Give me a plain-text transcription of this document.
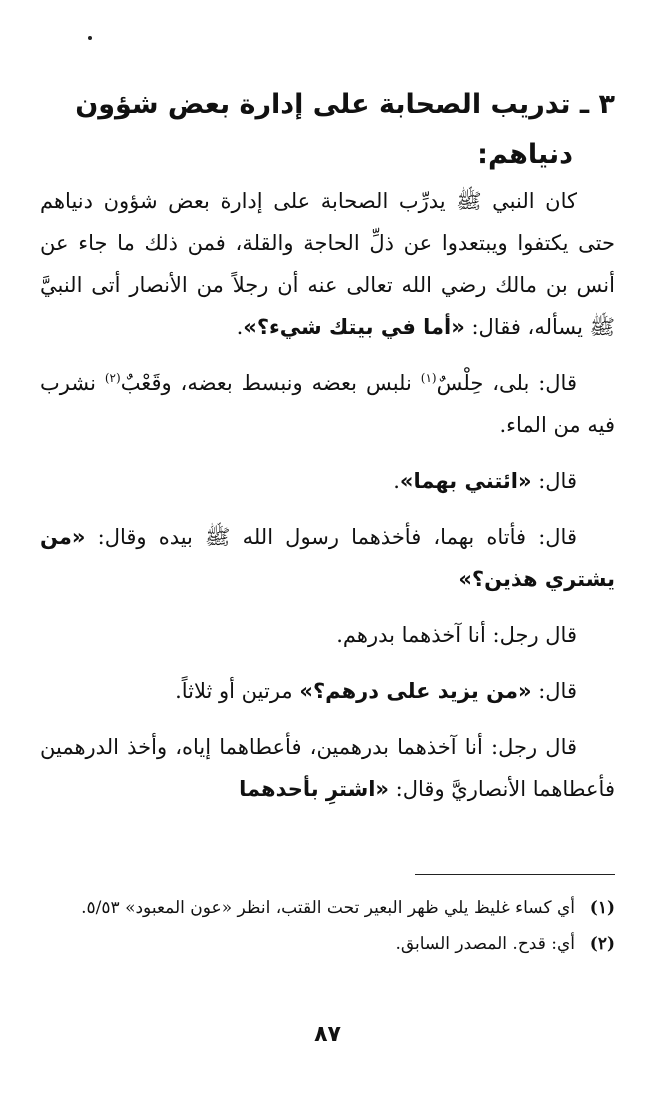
٣ ـ تدريب الصحابة على إدارة بعض شؤون
دنياهم:

كان النبي ﷺ يدرِّب الصحابة على إدارة بعض شؤون دنياهم حتى يكتفوا ويبتعدوا عن ذلِّ الحاجة والقلة، فمن ذلك ما جاء عن أنس بن مالك رضي الله تعالى عنه أن رجلاً من الأنصار أتى النبيَّ ﷺ يسأله، فقال: «أما في بيتك شيء؟».

قال: بلى، حِلْسٌ$^{(١)}$ نلبس بعضه ونبسط بعضه، وقَعْبٌ$^{(٢)}$ نشرب فيه من الماء.

قال: «ائتني بهما».

قال: فأتاه بهما، فأخذهما رسول الله ﷺ بيده وقال: «من يشتري هذين؟»

قال رجل: أنا آخذهما بدرهم.

قال: «من يزيد على درهم؟» مرتين أو ثلاثاً.

قال رجل: أنا آخذهما بدرهمين، فأعطاهما إياه، وأخذ الدرهمين فأعطاهما الأنصاريَّ وقال: «اشترِ بأحدهما

(١)
أي كساء غليظ يلي ظهر البعير تحت القتب، انظر «عون المعبود» ٥/٥٣.

(٢)
أي: قدح. المصدر السابق.

٨٧
